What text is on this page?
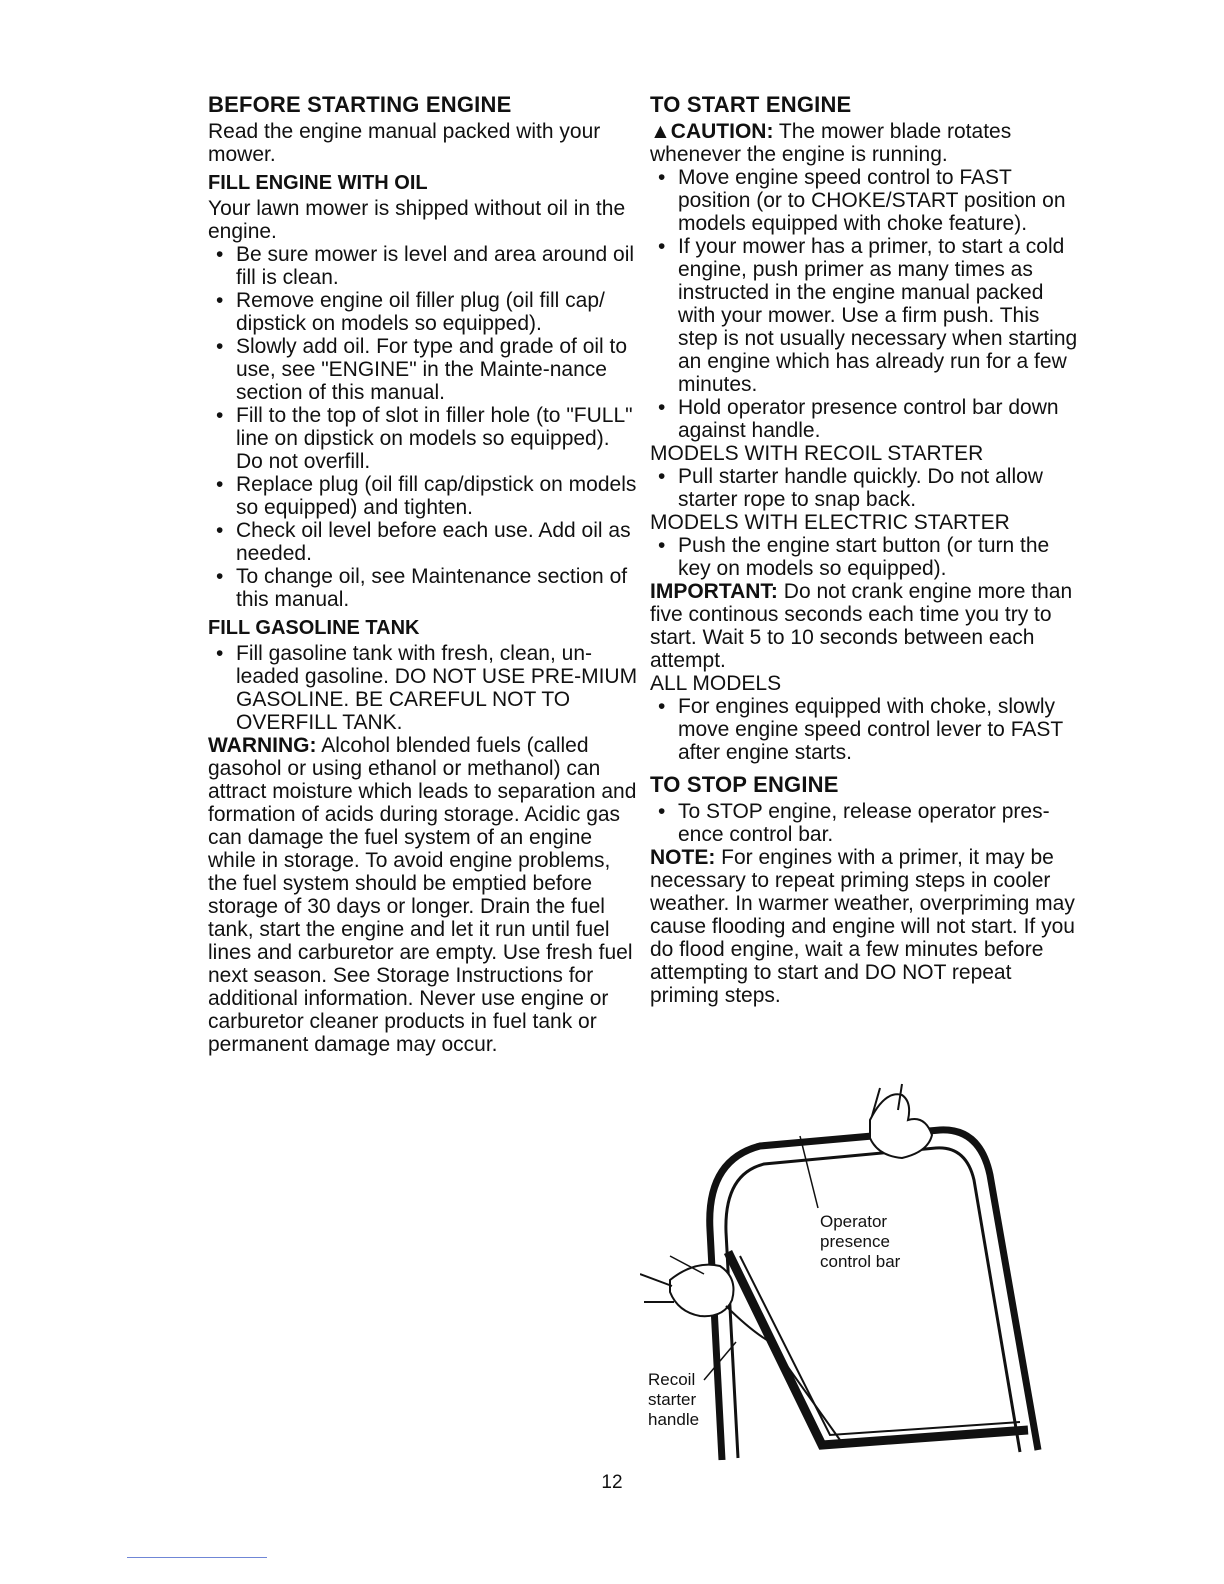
BEFORE STARTING ENGINE

Read the engine manual packed with your mower.

FILL ENGINE WITH OIL

Your lawn mower is shipped without oil in the engine.

• Be sure mower is level and area around oil fill is clean.
• Remove engine oil filler plug (oil fill cap/ dipstick on models so equipped).
• Slowly add oil. For type and grade of oil to use, see "ENGINE" in the Mainte-nance section of this manual.
• Fill to the top of slot in filler hole (to "FULL" line on dipstick on models so equipped). Do not overfill.
• Replace plug (oil fill cap/dipstick on models so equipped) and tighten.
• Check oil level before each use. Add oil as needed.
• To change oil, see Maintenance section of this manual.
FILL GASOLINE TANK
• Fill gasoline tank with fresh, clean, un-leaded gasoline. DO NOT USE PRE-MIUM GASOLINE. BE CAREFUL NOT TO OVERFILL TANK.

WARNING: Alcohol blended fuels (called gasohol or using ethanol or methanol) can attract moisture which leads to separation and formation of acids during storage. Acidic gas can damage the fuel system of an engine while in storage. To avoid engine problems, the fuel system should be emptied before storage of 30 days or longer. Drain the fuel tank, start the engine and let it run until fuel lines and carburetor are empty. Use fresh fuel next season. See Storage Instructions for additional information. Never use engine or carburetor cleaner products in fuel tank or permanent damage may occur.

TO START ENGINE

▲CAUTION: The mower blade rotates whenever the engine is running.

• Move engine speed control to FAST position (or to CHOKE/START position on models equipped with choke feature).
• If your mower has a primer, to start a cold engine, push primer as many times as instructed in the engine manual packed with your mower. Use a firm push. This step is not usually necessary when starting an engine which has already run for a few minutes.
• Hold operator presence control bar down against handle.

MODELS WITH RECOIL STARTER

• Pull starter handle quickly. Do not allow starter rope to snap back.

MODELS WITH ELECTRIC STARTER

• Push the engine start button (or turn the key on models so equipped).

IMPORTANT: Do not crank engine more than five continous seconds each time you try to start. Wait 5 to 10 seconds between each attempt.

ALL MODELS

• For engines equipped with choke, slowly move engine speed control lever to FAST after engine starts.
TO STOP ENGINE
• To STOP engine, release operator pres-ence control bar.

NOTE: For engines with a primer, it may be necessary to repeat priming steps in cooler weather. In warmer weather, overpriming may cause flooding and engine will not start. If you do flood engine, wait a few minutes before attempting to start and DO NOT repeat priming steps.

Operator
presence
control bar
Recoil
starter
handle
12
